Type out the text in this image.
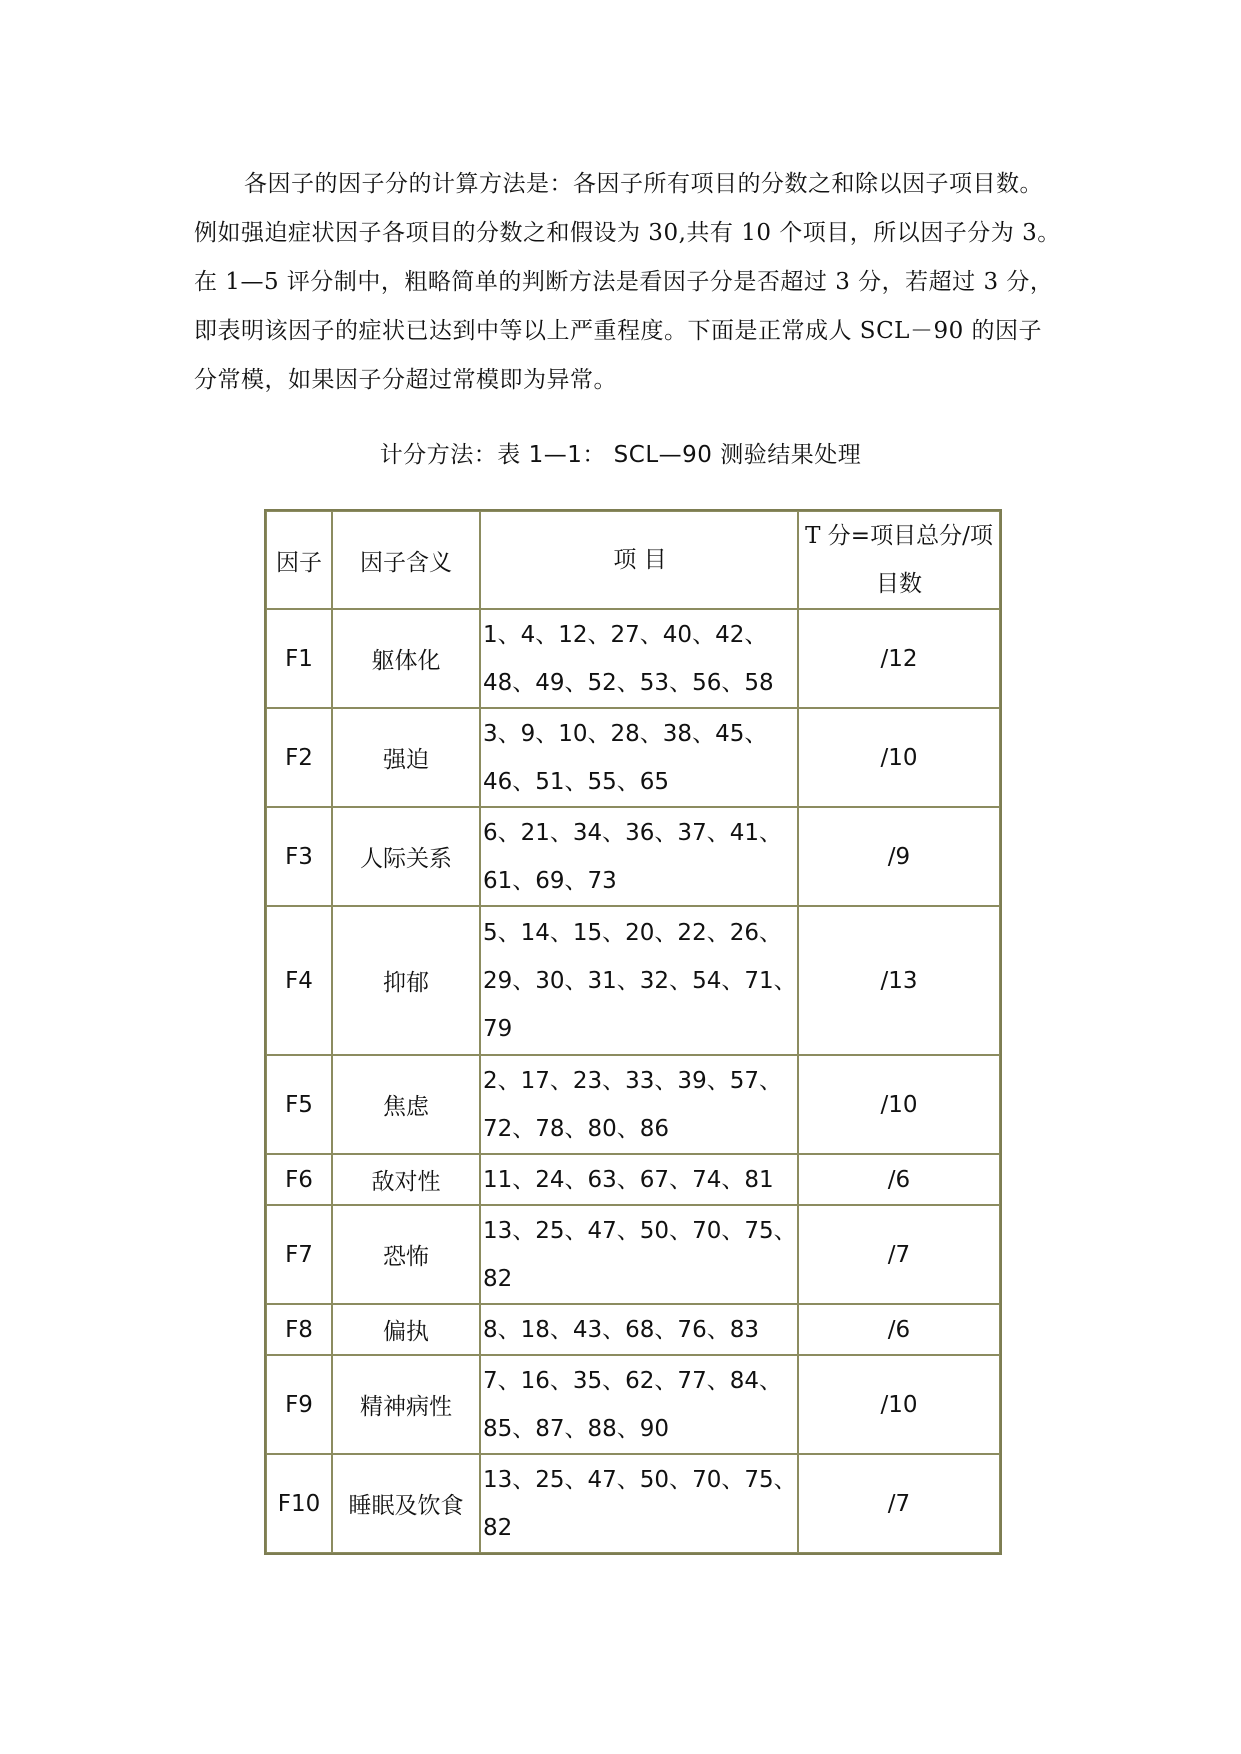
各因子的因子分的计算方法是：各因子所有项目的分数之和除以因子项目数。
例如强迫症状因子各项目的分数之和假设为 30,共有 10 个项目，所以因子分为 3。
在 1—5 评分制中，粗略简单的判断方法是看因子分是否超过 3 分，若超过 3 分，
即表明该因子的症状已达到中等以上严重程度。下面是正常成人 SCL－90 的因子
分常模，如果因子分超过常模即为异常。

计分方法：表 1—1： SCL—90 测验结果处理
因子	因子含义	项 目	T 分=项目总分/项目数
F1	躯体化	1、4、12、27、40、42、48、49、52、53、56、58	/12
F2	强迫	3、9、10、28、38、45、46、51、55、65	/10
F3	人际关系	6、21、34、36、37、41、61、69、73	/9
F4	抑郁	5、14、15、20、22、26、29、30、31、32、54、71、79	/13
F5	焦虑	2、17、23、33、39、57、72、78、80、86	/10
F6	敌对性	11、24、63、67、74、81	/6
F7	恐怖	13、25、47、50、70、75、82	/7
F8	偏执	8、18、43、68、76、83	/6
F9	精神病性	7、16、35、62、77、84、85、87、88、90	/10
F10	睡眠及饮食	13、25、47、50、70、75、82	/7
